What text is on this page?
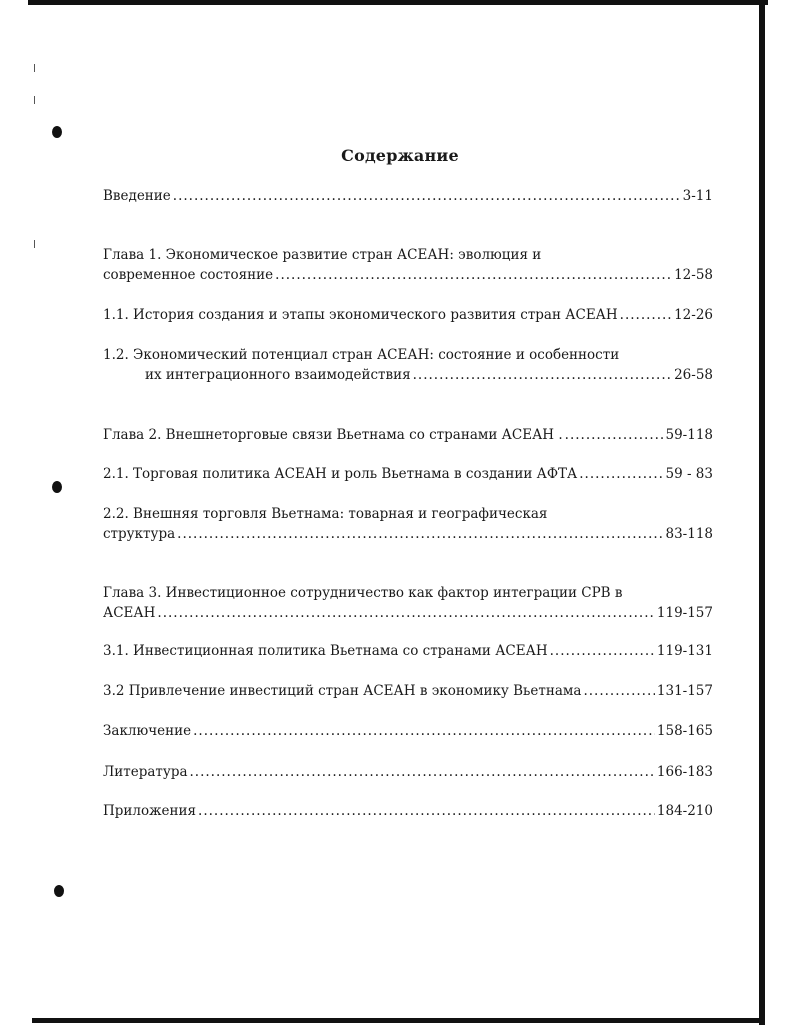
Содержание
Введение .....	3-11
Глава 1. Экономическое развитие стран АСЕАН: эволюция и
современное состояние .....	12-58
1.1. История создания и этапы экономического развития стран АСЕАН .....	12-26
1.2. Экономический потенциал стран АСЕАН: состояние и особенности
их интеграционного взаимодействия .....	26-58
Глава 2. Внешнеторговые связи Вьетнама со странами АСЕАН . .....	59-118
2.1. Торговая политика АСЕАН и роль Вьетнама в создании АФТА .....	59 - 83
2.2. Внешняя торговля Вьетнама: товарная и географическая
структура .....	83-118
Глава 3. Инвестиционное сотрудничество как фактор интеграции СРВ в
АСЕАН .....	119-157
3.1. Инвестиционная политика Вьетнама со странами АСЕАН .....	119-131
3.2 Привлечение инвестиций стран АСЕАН в экономику Вьетнама .....	131-157
Заключение .....	158-165
Литература .....	166-183
Приложения .....	184-210
